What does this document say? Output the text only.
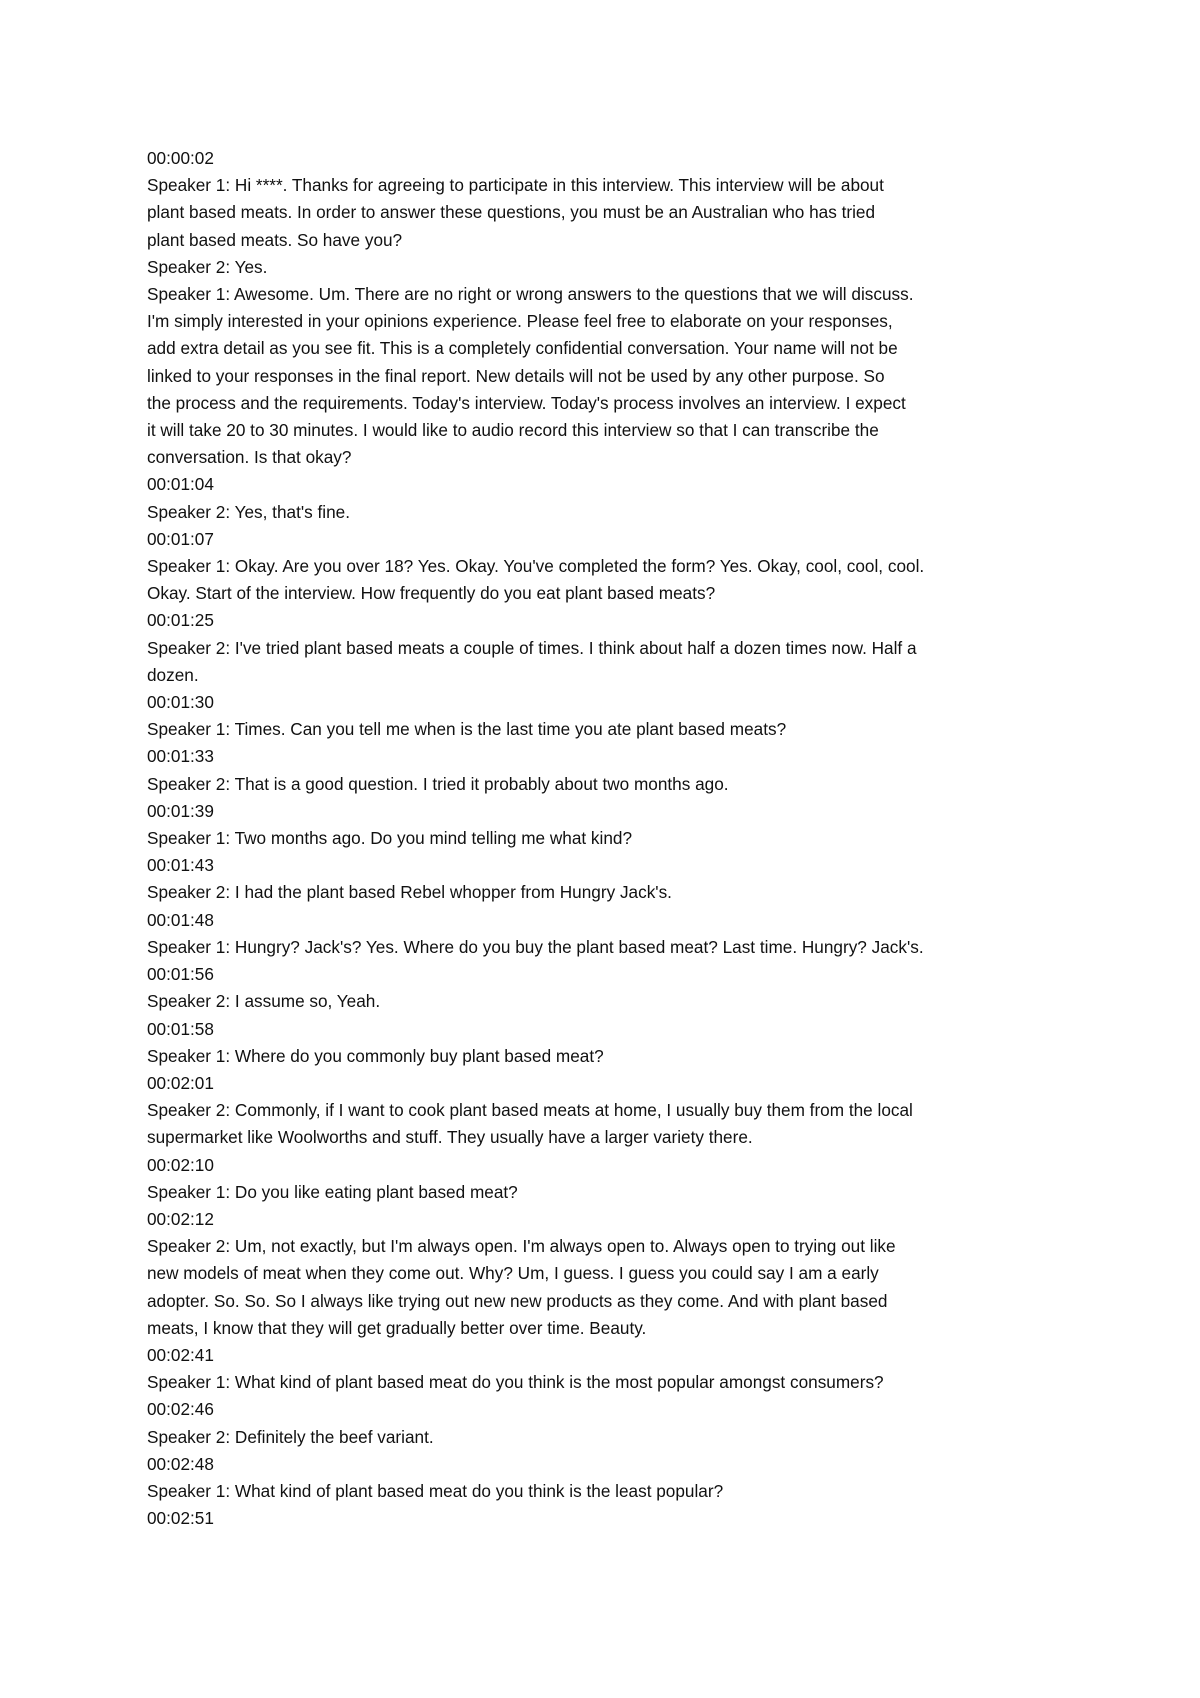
00:00:02

Speaker 1: Hi ****. Thanks for agreeing to participate in this interview. This interview will be about

plant based meats. In order to answer these questions, you must be an Australian who has tried

plant based meats. So have you?

Speaker 2: Yes.

Speaker 1: Awesome. Um. There are no right or wrong answers to the questions that we will discuss.

I'm simply interested in your opinions experience. Please feel free to elaborate on your responses,

add extra detail as you see fit. This is a completely confidential conversation. Your name will not be

linked to your responses in the final report. New details will not be used by any other purpose. So

the process and the requirements. Today's interview. Today's process involves an interview. I expect

it will take 20 to 30 minutes. I would like to audio record this interview so that I can transcribe the

conversation. Is that okay?

00:01:04

Speaker 2: Yes, that's fine.

00:01:07

Speaker 1: Okay. Are you over 18? Yes. Okay. You've completed the form? Yes. Okay, cool, cool, cool.

Okay. Start of the interview. How frequently do you eat plant based meats?

00:01:25

Speaker 2: I've tried plant based meats a couple of times. I think about half a dozen times now. Half a

dozen.

00:01:30

Speaker 1: Times. Can you tell me when is the last time you ate plant based meats?

00:01:33

Speaker 2: That is a good question. I tried it probably about two months ago.

00:01:39

Speaker 1: Two months ago. Do you mind telling me what kind?

00:01:43

Speaker 2: I had the plant based Rebel whopper from Hungry Jack's.

00:01:48

Speaker 1: Hungry? Jack's? Yes. Where do you buy the plant based meat? Last time. Hungry? Jack's.

00:01:56

Speaker 2: I assume so, Yeah.

00:01:58

Speaker 1: Where do you commonly buy plant based meat?

00:02:01

Speaker 2: Commonly, if I want to cook plant based meats at home, I usually buy them from the local

supermarket like Woolworths and stuff. They usually have a larger variety there.

00:02:10

Speaker 1: Do you like eating plant based meat?

00:02:12

Speaker 2: Um, not exactly, but I'm always open. I'm always open to. Always open to trying out like

new models of meat when they come out. Why? Um, I guess. I guess you could say I am a early

adopter. So. So. So I always like trying out new new products as they come. And with plant based

meats, I know that they will get gradually better over time. Beauty.

00:02:41

Speaker 1: What kind of plant based meat do you think is the most popular amongst consumers?

00:02:46

Speaker 2: Definitely the beef variant.

00:02:48

Speaker 1: What kind of plant based meat do you think is the least popular?

00:02:51
